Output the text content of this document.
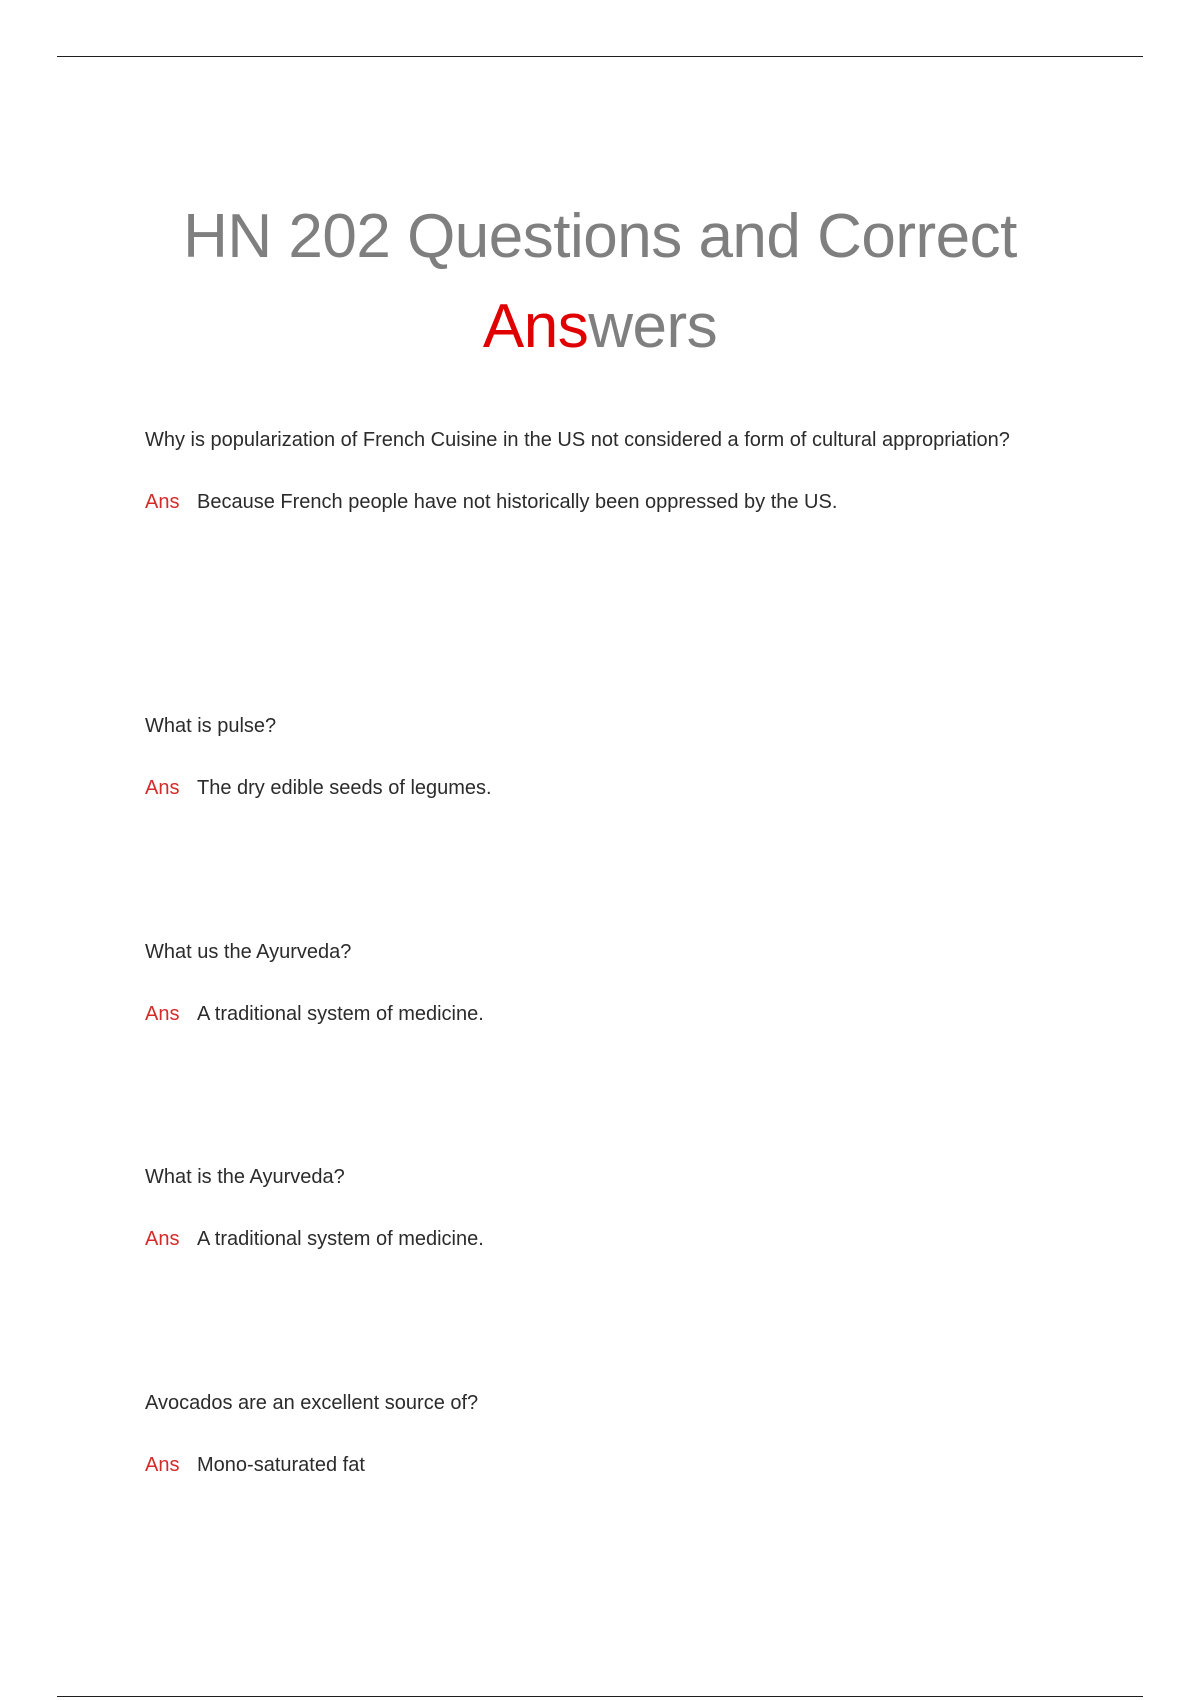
HN 202 Questions and Correct
Answers

Why is popularization of French Cuisine in the US not considered a form of cultural appropriation?

Ans Because French people have not historically been oppressed by the US.

What is pulse?

Ans The dry edible seeds of legumes.

What us the Ayurveda?

Ans A traditional system of medicine.

What is the Ayurveda?

Ans A traditional system of medicine.

Avocados are an excellent source of?

Ans Mono-saturated fat
